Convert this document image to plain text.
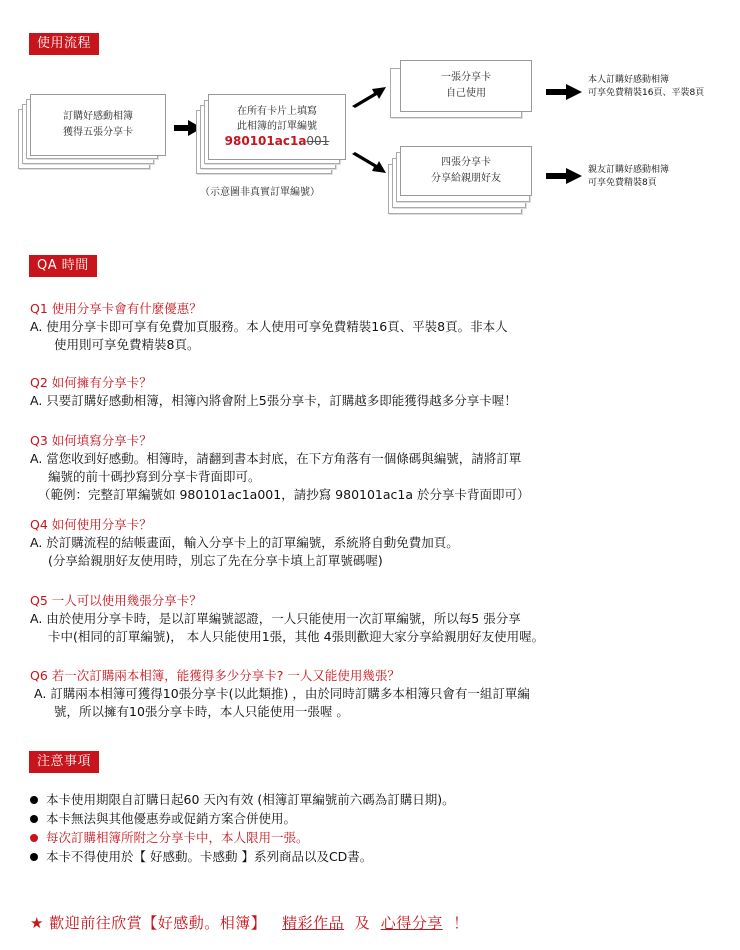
使用流程
訂購好感動相簿
獲得五張分享卡
在所有卡片上填寫
此相簿的訂單編號
980101ac1a001
（示意圖非真實訂單編號）
一張分享卡
自己使用
四張分享卡
分享給親朋好友
本人訂購好感動相簿
可享免費精裝16頁、平裝8頁
親友訂購好感動相簿
可享免費精裝8頁
QA 時間
Q1 使用分享卡會有什麼優惠？
A. 使用分享卡即可享有免費加頁服務。本人使用可享免費精裝16頁、平裝8頁。非本人
使用則可享免費精裝8頁。
Q2 如何擁有分享卡？
A. 只要訂購好感動相簿，相簿內將會附上5張分享卡，訂購越多即能獲得越多分享卡喔！
Q3 如何填寫分享卡？
A. 當您收到好感動。相簿時，請翻到書本封底，在下方角落有一個條碼與編號，請將訂單
編號的前十碼抄寫到分享卡背面即可。
（範例：完整訂單編號如 980101ac1a001，請抄寫 980101ac1a 於分享卡背面即可）
Q4 如何使用分享卡？
A. 於訂購流程的結帳畫面，輸入分享卡上的訂單編號，系統將自動免費加頁。
(分享給親朋好友使用時，別忘了先在分享卡填上訂單號碼喔)
Q5 一人可以使用幾張分享卡？
A. 由於使用分享卡時，是以訂單編號認證，一人只能使用一次訂單編號，所以每5 張分享
卡中(相同的訂單編號)， 本人只能使用1張，其他 4張則歡迎大家分享給親朋好友使用喔。
Q6 若一次訂購兩本相簿，能獲得多少分享卡? 一人又能使用幾張？
A. 訂購兩本相簿可獲得10張分享卡(以此類推) ，由於同時訂購多本相簿只會有一組訂單編
號，所以擁有10張分享卡時，本人只能使用一張喔 。
注意事項
本卡使用期限自訂購日起60 天內有效 (相簿訂單編號前六碼為訂購日期)。
本卡無法與其他優惠券或促銷方案合併使用。
每次訂購相簿所附之分享卡中，本人限用一張。
本卡不得使用於【 好感動。卡感動 】系列商品以及CD書。
★ 歡迎前往欣賞【好感動。相簿】 精彩作品 及 心得分享 ！
